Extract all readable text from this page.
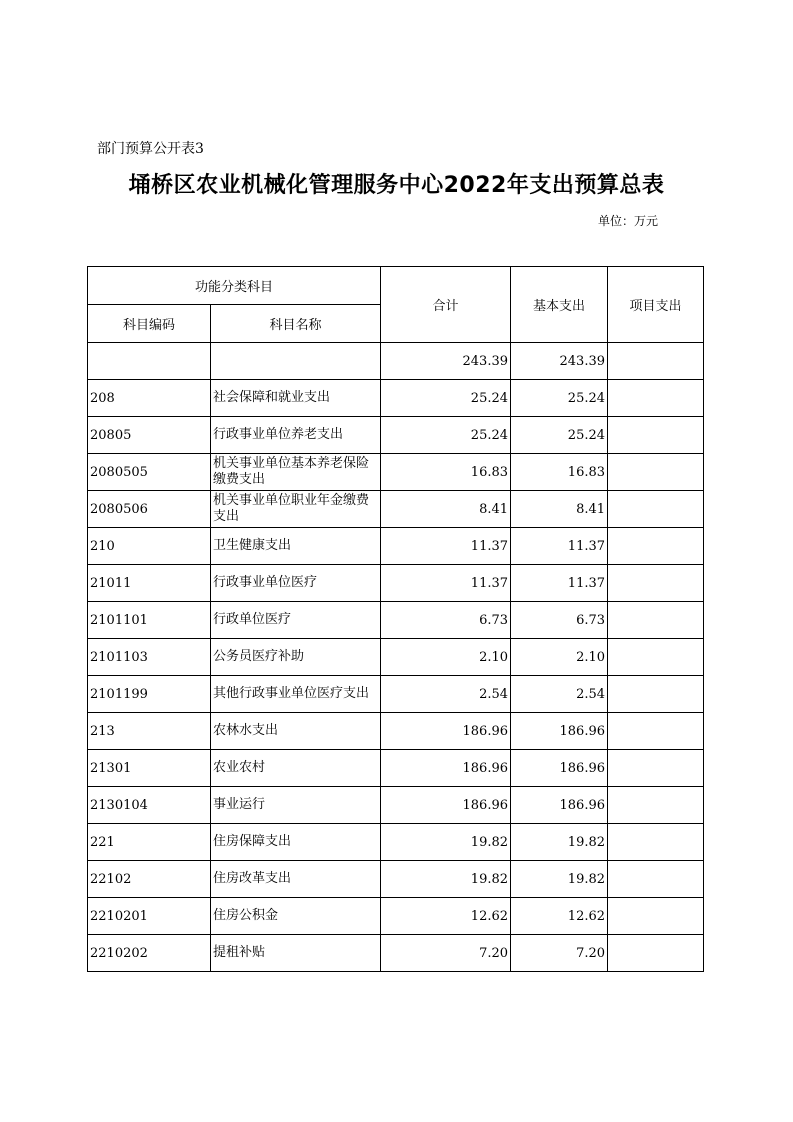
部门预算公开表3
埇桥区农业机械化管理服务中心2022年支出预算总表
单位：万元
功能分类科目		合计	基本支出	项目支出
科目编码	科目名称			
		243.39	243.39	
208	社会保障和就业支出	25.24	25.24	
20805	行政事业单位养老支出	25.24	25.24	
2080505	机关事业单位基本养老保险缴费支出	16.83	16.83	
2080506	机关事业单位职业年金缴费支出	8.41	8.41	
210	卫生健康支出	11.37	11.37	
21011	行政事业单位医疗	11.37	11.37	
2101101	行政单位医疗	6.73	6.73	
2101103	公务员医疗补助	2.10	2.10	
2101199	其他行政事业单位医疗支出	2.54	2.54	
213	农林水支出	186.96	186.96	
21301	农业农村	186.96	186.96	
2130104	事业运行	186.96	186.96	
221	住房保障支出	19.82	19.82	
22102	住房改革支出	19.82	19.82	
2210201	住房公积金	12.62	12.62	
2210202	提租补贴	7.20	7.20	
